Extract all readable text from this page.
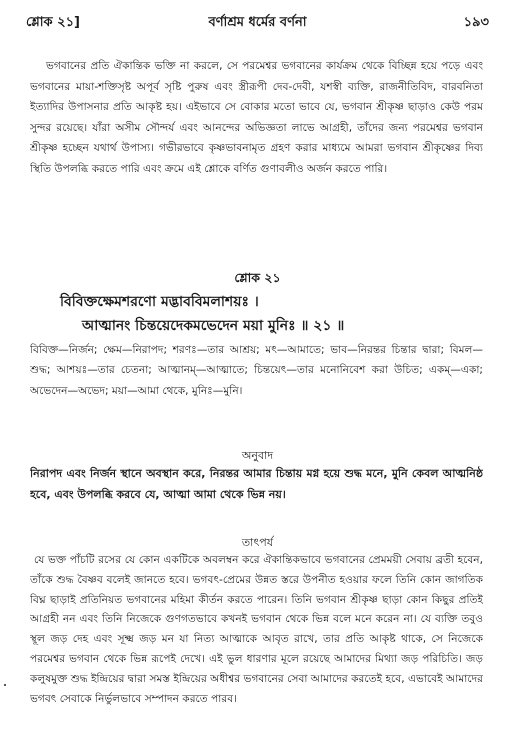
শ্লোক ২১]	বর্ণাশ্রম ধর্মের বর্ণনা	১৯৩
ভগবানের প্রতি ঐকান্তিক ভক্তি না করলে, সে পরমেশ্বর ভগবানের কার্যক্রম থেকে বিচ্ছিন্ন হয়ে পড়ে এবং ভগবানের মায়া-শক্তিসৃষ্ট অপূর্ব সৃষ্টি পুরুষ এবং স্ত্রীরূপী দেব-দেবী, যশস্বী ব্যক্তি, রাজনীতিবিদ, বারবনিতা ইত্যাদির উপাসনার প্রতি আকৃষ্ট হয়। এইভাবে সে বোকার মতো ভাবে যে, ভগবান শ্রীকৃষ্ণ ছাড়াও কেউ পরম সুন্দর রয়েছে। যাঁরা অসীম সৌন্দর্য এবং আনন্দের অভিজ্ঞতা লাভে আগ্রহী, তাঁদের জন্য পরমেশ্বর ভগবান শ্রীকৃষ্ণ হচ্ছেন যথার্থ উপাস্য। গভীরভাবে কৃষ্ণভাবনামৃত গ্রহণ করার মাধ্যমে আমরা ভগবান শ্রীকৃষ্ণের দিব্য স্থিতি উপলব্ধি করতে পারি এবং ক্রমে এই শ্লোকে বর্ণিত গুণাবলীও অর্জন করতে পারি।
শ্লোক ২১
বিবিক্তক্ষেমশরণো মদ্ভাববিমলাশয়ঃ ।
আত্মানং চিন্তয়েদেকমভেদেন ময়া মুনিঃ ॥ ২১ ॥
বিবিক্ত—নির্জন; ক্ষেম—নিরাপদ; শরণঃ—তার আশ্রয়; মৎ—আমাতে; ভাব—নিরন্তর চিন্তার দ্বারা; বিমল—শুদ্ধ; আশয়ঃ—তার চেতনা; আত্মানম্—আত্মাতে; চিন্তয়েৎ—তার মনোনিবেশ করা উচিত; একম্—একা; অভেদেন—অভেদ; ময়া—আমা থেকে, মুনিঃ—মুনি।
অনুবাদ
নিরাপদ এবং নির্জন স্থানে অবস্থান করে, নিরন্তর আমার চিন্তায় মগ্ন হয়ে শুদ্ধ মনে, মুনি কেবল আত্মনিষ্ঠ হবে, এবং উপলব্ধি করবে যে, আত্মা আমা থেকে ভিন্ন নয়।
তাৎপর্য
যে ভক্ত পাঁচটি রসের যে কোন একটিকে অবলম্বন করে ঐকান্তিকভাবে ভগবানের প্রেমময়ী সেবায় ব্রতী হবেন, তাঁকে শুদ্ধ বৈষ্ণব বলেই জানতে হবে। ভগবৎ-প্রেমের উন্নত স্তরে উপনীত হওয়ার ফলে তিনি কোন জাগতিক বিঘ্ন ছাড়াই প্রতিনিয়ত ভগবানের মহিমা কীর্তন করতে পারেন। তিনি ভগবান শ্রীকৃষ্ণ ছাড়া কোন কিছুর প্রতিই আগ্রহী নন এবং তিনি নিজেকে গুণগতভাবে কখনই ভগবান থেকে ভিন্ন বলে মনে করেন না। যে ব্যক্তি তবুও স্থূল জড় দেহ এবং সূক্ষ্ম জড় মন যা নিত্য আত্মাকে আবৃত রাখে, তার প্রতি আকৃষ্ট থাকে, সে নিজেকে পরমেশ্বর ভগবান থেকে ভিন্ন রূপেই দেখে। এই ভুল ধারণার মূলে রয়েছে আমাদের মিথ্যা জড় পরিচিতি। জড় কলুষমুক্ত শুদ্ধ ইন্দ্রিয়ের দ্বারা সমস্ত ইন্দ্রিয়ের অধীশ্বর ভগবানের সেবা আমাদের করতেই হবে, এভাবেই আমাদের ভগবৎ সেবাকে নির্ভুলভাবে সম্পাদন করতে পারব।
